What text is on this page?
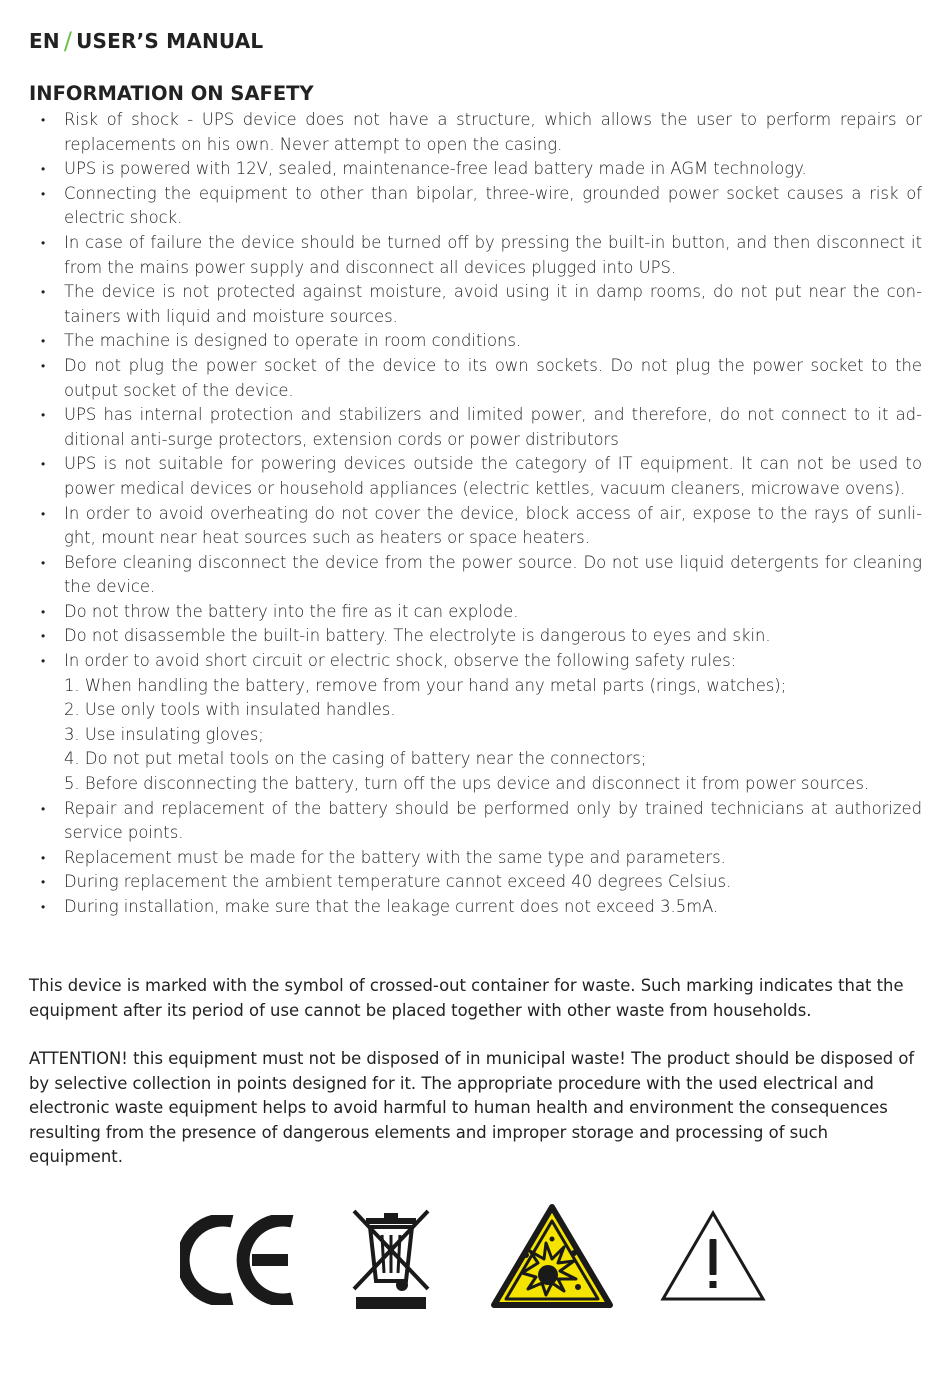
EN / USER’S MANUAL
INFORMATION ON SAFETY
• Risk of shock - UPS device does not have a structure, which allows the user to perform repairs or replacements on his own. Never attempt to open the casing.
• UPS is powered with 12V, sealed, maintenance-free lead battery made in AGM technology.
• Connecting the equipment to other than bipolar, three-wire, grounded power socket causes a risk of electric shock.
• In case of failure the device should be turned off by pressing the built-in button, and then disconnect it from the mains power supply and disconnect all devices plugged into UPS.
• The device is not protected against moisture, avoid using it in damp rooms, do not put near the containers with liquid and moisture sources.
• The machine is designed to operate in room conditions.
• Do not plug the power socket of the device to its own sockets. Do not plug the power socket to the output socket of the device.
• UPS has internal protection and stabilizers and limited power, and therefore, do not connect to it additional anti-surge protectors, extension cords or power distributors
• UPS is not suitable for powering devices outside the category of IT equipment. It can not be used to power medical devices or household appliances (electric kettles, vacuum cleaners, microwave ovens).
• In order to avoid overheating do not cover the device, block access of air, expose to the rays of sunlight, mount near heat sources such as heaters or space heaters.
• Before cleaning disconnect the device from the power source. Do not use liquid detergents for cleaning the device.
• Do not throw the battery into the fire as it can explode.
• Do not disassemble the built-in battery. The electrolyte is dangerous to eyes and skin.
• In order to avoid short circuit or electric shock, observe the following safety rules:
1. When handling the battery, remove from your hand any metal parts (rings, watches);
2. Use only tools with insulated handles.
3. Use insulating gloves;
4. Do not put metal tools on the casing of battery near the connectors;
5. Before disconnecting the battery, turn off the ups device and disconnect it from power sources.
• Repair and replacement of the battery should be performed only by trained technicians at authorized service points.
• Replacement must be made for the battery with the same type and parameters.
• During replacement the ambient temperature cannot exceed 40 degrees Celsius.
• During installation, make sure that the leakage current does not exceed 3.5mA.

This device is marked with the symbol of crossed-out container for waste. Such marking indicates that the equipment after its period of use cannot be placed together with other waste from households.

ATTENTION! this equipment must not be disposed of in municipal waste! The product should be disposed of by selective collection in points designed for it. The appropriate procedure with the used electrical and electronic waste equipment helps to avoid harmful to human health and environment the consequences resulting from the presence of dangerous elements and improper storage and processing of such equipment.
